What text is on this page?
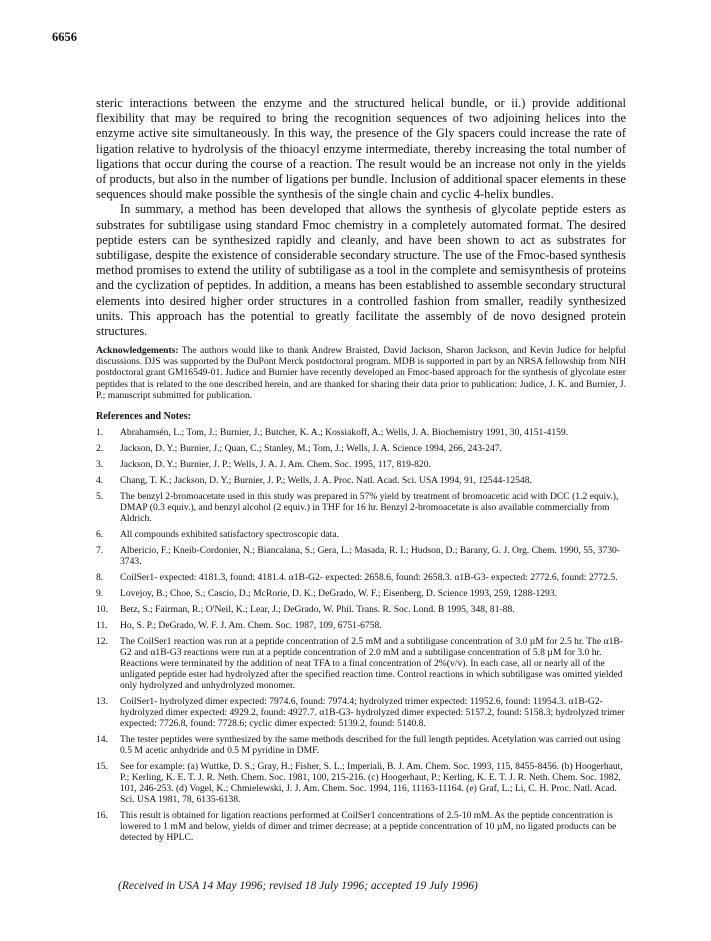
6656

steric interactions between the enzyme and the structured helical bundle, or ii.) provide additional flexibility that may be required to bring the recognition sequences of two adjoining helices into the enzyme active site simultaneously. In this way, the presence of the Gly spacers could increase the rate of ligation relative to hydrolysis of the thioacyl enzyme intermediate, thereby increasing the total number of ligations that occur during the course of a reaction. The result would be an increase not only in the yields of products, but also in the number of ligations per bundle. Inclusion of additional spacer elements in these sequences should make possible the synthesis of the single chain and cyclic 4-helix bundles.

In summary, a method has been developed that allows the synthesis of glycolate peptide esters as substrates for subtiligase using standard Fmoc chemistry in a completely automated format. The desired peptide esters can be synthesized rapidly and cleanly, and have been shown to act as substrates for subtiligase, despite the existence of considerable secondary structure. The use of the Fmoc-based synthesis method promises to extend the utility of subtiligase as a tool in the complete and semisynthesis of proteins and the cyclization of peptides. In addition, a means has been established to assemble secondary structural elements into desired higher order structures in a controlled fashion from smaller, readily synthesized units. This approach has the potential to greatly facilitate the assembly of de novo designed protein structures.

Acknowledgements: The authors would like to thank Andrew Braisted, David Jackson, Sharon Jackson, and Kevin Judice for helpful discussions. DJS was supported by the DuPont Merck postdoctoral program. MDB is supported in part by an NRSA fellowship from NIH postdoctoral grant GM16549-01. Judice and Burnier have recently developed an Fmoc-based approach for the synthesis of glycolate ester peptides that is related to the one described herein, and are thanked for sharing their data prior to publication: Judice, J. K. and Burnier, J. P.; manuscript submitted for publication.
References and Notes:
1.	Abrahamsén, L.; Tom, J.; Burnier, J.; Butcher, K. A.; Kossiakoff, A.; Wells, J. A. Biochemistry 1991, 30, 4151-4159.
2.	Jackson, D. Y.; Burnier, J.; Quan, C.; Stanley, M.; Tom, J.; Wells, J. A. Science 1994, 266, 243-247.
3.	Jackson, D. Y.; Burnier, J. P.; Wells, J. A. J. Am. Chem. Soc. 1995, 117, 819-820.
4.	Chang, T. K.; Jackson, D. Y.; Burnier, J. P.; Wells, J. A. Proc. Natl. Acad. Sci. USA 1994, 91, 12544-12548.
5.	The benzyl 2-bromoacetate used in this study was prepared in 57% yield by treatment of bromoacetic acid with DCC (1.2 equiv.), DMAP (0.3 equiv.), and benzyl alcohol (2 equiv.) in THF for 16 hr. Benzyl 2-bromoacetate is also available commercially from Aldrich.
6.	All compounds exhibited satisfactory spectroscopic data.
7.	Albericio, F.; Kneib-Cordonier, N.; Biancalana, S.; Gera, L.; Masada, R. I.; Hudson, D.; Barany, G. J. Org. Chem. 1990, 55, 3730-3743.
8.	CoilSer1- expected: 4181.3, found: 4181.4. α1B-G2- expected: 2658.6, found: 2658.3. α1B-G3- expected: 2772.6, found: 2772.5.
9.	Lovejoy, B.; Choe, S.; Cascio, D.; McRorie, D. K.; DeGrado, W. F.; Eisenberg, D. Science 1993, 259, 1288-1293.
10.	Betz, S.; Fairman, R.; O'Neil, K.; Lear, J.; DeGrado, W. Phil. Trans. R. Soc. Lond. B 1995, 348, 81-88.
11.	Ho, S. P.; DeGrado, W. F. J. Am. Chem. Soc. 1987, 109, 6751-6758.
12.	The CoilSer1 reaction was run at a peptide concentration of 2.5 mM and a subtiligase concentration of 3.0 µM for 2.5 hr. The α1B-G2 and α1B-G3 reactions were run at a peptide concentration of 2.0 mM and a subtiligase concentration of 5.8 µM for 3.0 hr. Reactions were terminated by the addition of neat TFA to a final concentration of 2%(v/v). In each case, all or nearly all of the unligated peptide ester had hydrolyzed after the specified reaction time. Control reactions in which subtiligase was omitted yielded only hydrolyzed and unhydrolyzed monomer.
13.	CoilSer1- hydrolyzed dimer expected: 7974.6, found: 7974.4; hydrolyzed trimer expected: 11952.6, found: 11954.3. α1B-G2- hydrolyzed dimer expected: 4929.2, found: 4927.7. α1B-G3- hydrolyzed dimer expected: 5157.2, found: 5158.3; hydrolyzed trimer expected: 7726.8, found: 7728.6; cyclic dimer expected: 5139.2, found: 5140.8.
14.	The tester peptides were synthesized by the same methods described for the full length peptides. Acetylation was carried out using 0.5 M acetic anhydride and 0.5 M pyridine in DMF.
15.	See for example: (a) Wuttke, D. S.; Gray, H.; Fisher, S. L.; Imperiali, B. J. Am. Chem. Soc. 1993, 115, 8455-8456. (b) Hoogerhaut, P.; Kerling, K. E. T. J. R. Neth. Chem. Soc. 1981, 100, 215-216. (c) Hoogerhaut, P.; Kerling, K. E. T. J. R. Neth. Chem. Soc. 1982, 101, 246-253. (d) Vogel, K.; Chmielewski, J. J. Am. Chem. Soc. 1994, 116, 11163-11164. (e) Graf, L.; Li, C. H. Proc. Natl. Acad. Sci. USA 1981, 78, 6135-6138.
16.	This result is obtained for ligation reactions performed at CoilSer1 concentrations of 2.5-10 mM. As the peptide concentration is lowered to 1 mM and below, yields of dimer and trimer decrease; at a peptide concentration of 10 µM, no ligated products can be detected by HPLC.
(Received in USA 14 May 1996; revised 18 July 1996; accepted 19 July 1996)
